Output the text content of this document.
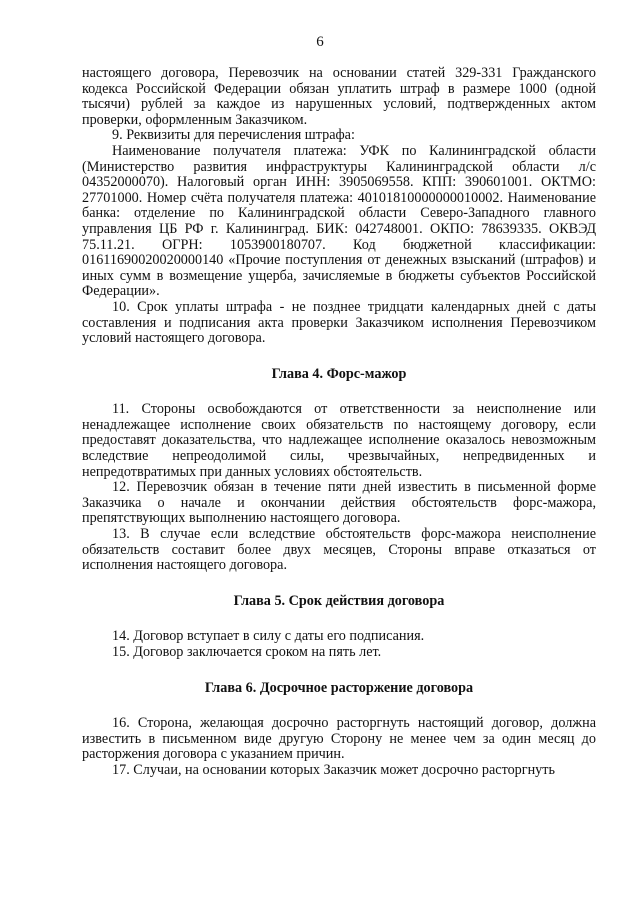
6

настоящего договора, Перевозчик на основании статей 329-331 Гражданского кодекса Российской Федерации обязан уплатить штраф в размере 1000 (одной тысячи) рублей за каждое из нарушенных условий, подтвержденных актом проверки, оформленным Заказчиком.

9. Реквизиты для перечисления штрафа:

Наименование получателя платежа: УФК по Калининградской области (Министерство развития инфраструктуры Калининградской области л/с 04352000070). Налоговый орган ИНН: 3905069558. КПП: 390601001. ОКТМО: 27701000. Номер счёта получателя платежа: 40101810000000010002. Наименование банка: отделение по Калининградской области Северо-Западного главного управления ЦБ РФ г. Калининград. БИК: 042748001. ОКПО: 78639335. ОКВЭД 75.11.21. ОГРН: 1053900180707. Код бюджетной классификации: 01611690020020000140 «Прочие поступления от денежных взысканий (штрафов) и иных сумм в возмещение ущерба, зачисляемые в бюджеты субъектов Российской Федерации».

10. Срок уплаты штрафа - не позднее тридцати календарных дней с даты составления и подписания акта проверки Заказчиком исполнения Перевозчиком условий настоящего договора.

Глава 4. Форс-мажор

11. Стороны освобождаются от ответственности за неисполнение или ненадлежащее исполнение своих обязательств по настоящему договору, если предоставят доказательства, что надлежащее исполнение оказалось невозможным вследствие непреодолимой силы, чрезвычайных, непредвиденных и непредотвратимых при данных условиях обстоятельств.

12. Перевозчик обязан в течение пяти дней известить в письменной форме Заказчика о начале и окончании действия обстоятельств форс-мажора, препятствующих выполнению настоящего договора.

13. В случае если вследствие обстоятельств форс-мажора неисполнение обязательств составит более двух месяцев, Стороны вправе отказаться от исполнения настоящего договора.

Глава 5. Срок действия договора

14. Договор вступает в силу с даты его подписания.

15. Договор заключается сроком на пять лет.

Глава 6. Досрочное расторжение договора

16. Сторона, желающая досрочно расторгнуть настоящий договор, должна известить в письменном виде другую Сторону не менее чем за один месяц до расторжения договора с указанием причин.

17. Случаи, на основании которых Заказчик может досрочно расторгнуть
